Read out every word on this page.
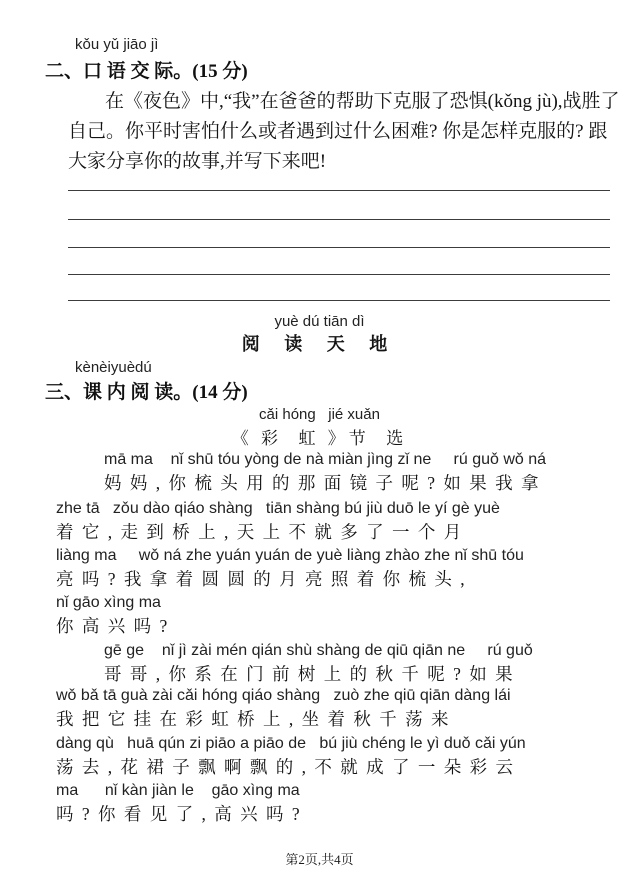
kǒu yǔ jiāo jì
二、口 语 交 际。(15 分)
在《夜色》中,“我”在爸爸的帮助下克服了恐惧(kǒng jù),战胜了
自己。你平时害怕什么或者遇到过什么困难? 你是怎样克服的? 跟
大家分享你的故事,并写下来吧!
yuè dú tiān dì
阅 读 天 地
kènèiyuèdú
三、课 内 阅 读。(14 分)
cǎi hóng   jié xuǎn
《 彩  虹 》节  选
mā ma    nǐ shū tóu yòng de nà miàn jìng zǐ ne     rú guǒ wǒ ná
妈 妈 , 你 梳 头 用 的 那 面 镜 子 呢 ? 如 果 我 拿
zhe tā   zǒu dào qiáo shàng   tiān shàng bú jiù duō le yí gè yuè
着 它 , 走 到 桥 上 , 天 上 不 就 多 了 一 个 月
liàng ma     wǒ ná zhe yuán yuán de yuè liàng zhào zhe nǐ shū tóu
亮 吗 ? 我 拿 着 圆 圆 的 月 亮 照 着 你 梳 头 ,
nǐ gāo xìng ma
你 高 兴 吗 ?
gē ge    nǐ jì zài mén qián shù shàng de qiū qiān ne     rú guǒ
哥 哥 , 你 系 在 门 前 树 上 的 秋 千 呢 ? 如 果
wǒ bǎ tā guà zài cǎi hóng qiáo shàng   zuò zhe qiū qiān dàng lái
我 把 它 挂 在 彩 虹 桥 上 , 坐 着 秋 千 荡 来
dàng qù   huā qún zi piāo a piāo de   bú jiù chéng le yì duǒ cǎi yún
荡 去 , 花 裙 子 飘 啊 飘 的 , 不 就 成 了 一 朵 彩 云
ma      nǐ kàn jiàn le    gāo xìng ma
吗 ? 你 看 见 了 , 高 兴 吗 ?
第2页,共4页
